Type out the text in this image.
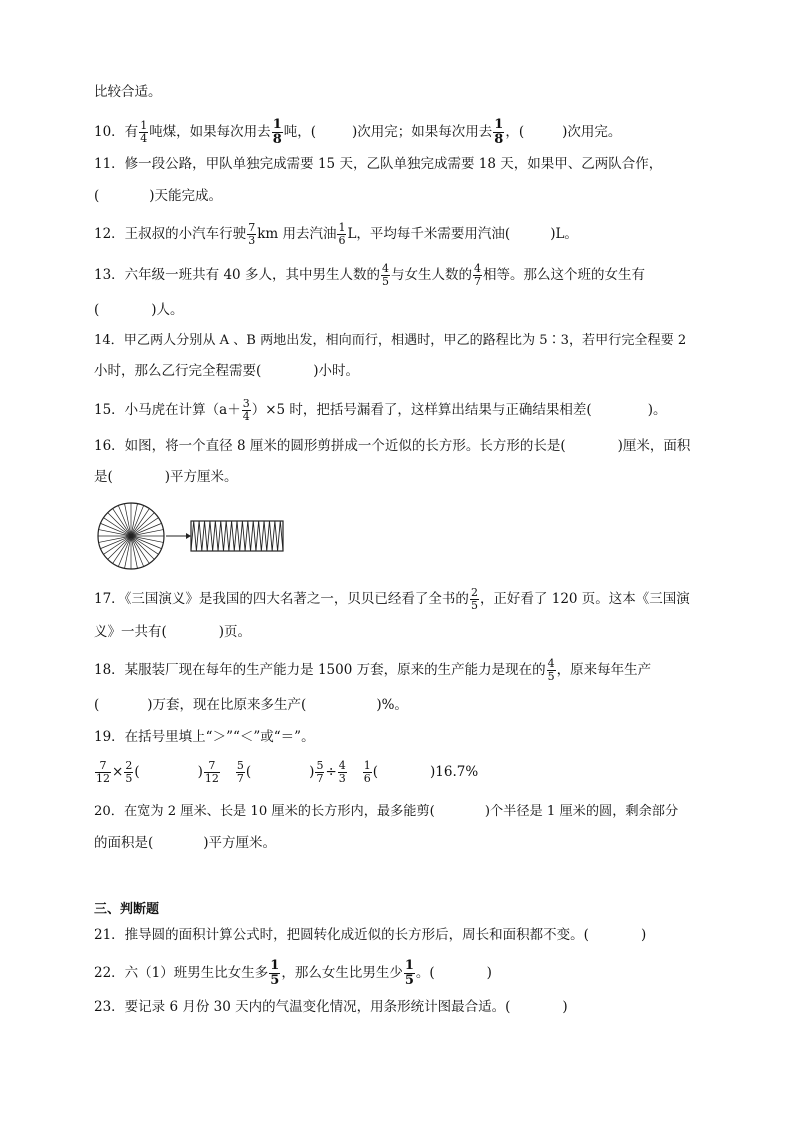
比较合适。
10．有 $\frac{1}{4}$ 吨煤，如果每次用去 $\frac{1}{8}$ 吨，(	)次用完；如果每次用去 $\frac{1}{8}$ ，(	)次用完。
11．修一段公路，甲队单独完成需要 15 天，乙队单独完成需要 18 天，如果甲、乙两队合作，
(	)天能完成。
12．王叔叔的小汽车行驶 $\frac{7}{3}$ km 用去汽油 $\frac{1}{6}$ L，平均每千米需要用汽油(	)L。
13．六年级一班共有 40 多人，其中男生人数的 $\frac{4}{5}$ 与女生人数的 $\frac{4}{7}$ 相等。那么这个班的女生有
(	)人。
14．甲乙两人分别从 A 、B 两地出发，相向而行，相遇时，甲乙的路程比为 5∶3，若甲行完全程要 2
小时，那么乙行完全程需要(	)小时。
15．小马虎在计算$(a+ \frac{3}{4} )\times 5$ 时，把括号漏看了，这样算出结果与正确结果相差(	)。
16．如图，将一个直径 8 厘米的圆形剪拼成一个近似的长方形。长方形的长是(	)厘米，面积
是(	)平方厘米。
17．《三国演义》是我国的四大名著之一，贝贝已经看了全书的 $\frac{2}{5}$ ，正好看了 120 页。这本《三国演
义》一共有(	)页。
18．某服装厂现在每年的生产能力是 1500 万套，原来的生产能力是现在的 $\frac{4}{5}$ ，原来每年生产
(	)万套，现在比原来多生产(	)%。
19．在括号里填上“＞”“＜”或“＝”。
$\frac{7}{12} \times \frac{2}{5}$ (	) $\frac{7}{12} \frac{5}{7}$ (	) $\frac{5}{7} \div \frac{4}{3} \frac{1}{6}$ (	)16.7%
20．在宽为 2 厘米、长是 10 厘米的长方形内，最多能剪(	)个半径是 1 厘米的圆，剩余部分
的面积是(	)平方厘米。
三、判断题
21．推导圆的面积计算公式时，把圆转化成近似的长方形后，周长和面积都不变。(	)
22．六（1）班男生比女生多 $\frac{1}{5}$ ，那么女生比男生少 $\frac{1}{5}$ 。(	)
23．要记录 6 月份 30 天内的气温变化情况，用条形统计图最合适。(	)
